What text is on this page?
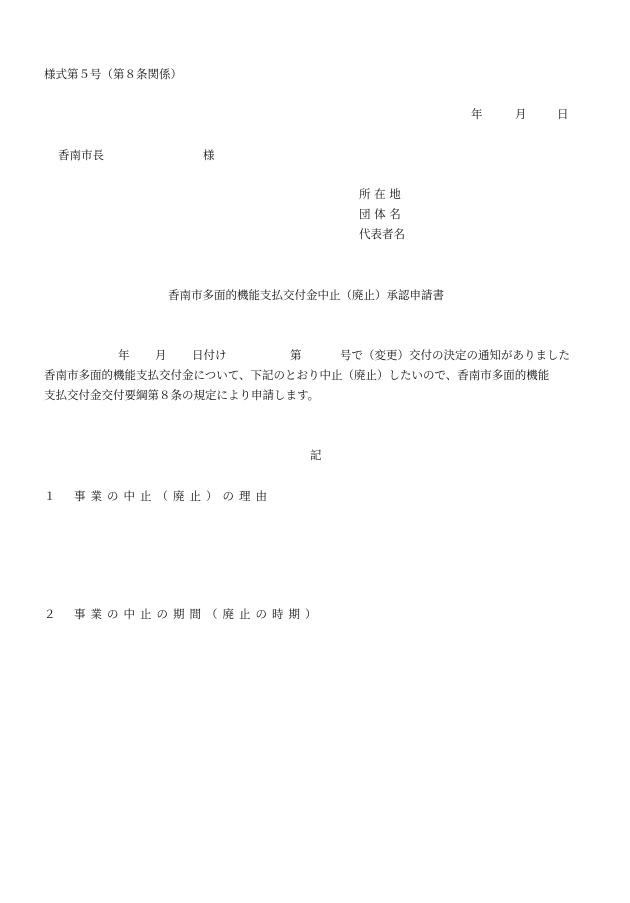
様式第５号（第８条関係）
年	月	日
香南市長	様
所 在 地
団 体 名
代表者名
香南市多面的機能支払交付金中止（廃止）承認申請書
年 月 日付け	第	号で（変更）交付の決定の通知がありました
香南市多面的機能支払交付金について、下記のとおり中止（廃止）したいので、香南市多面的機能
支払交付金交付要綱第８条の規定により申請します。
記
１ 事業の中止（廃止）の理由
２ 事業の中止の期間（廃止の時期）
